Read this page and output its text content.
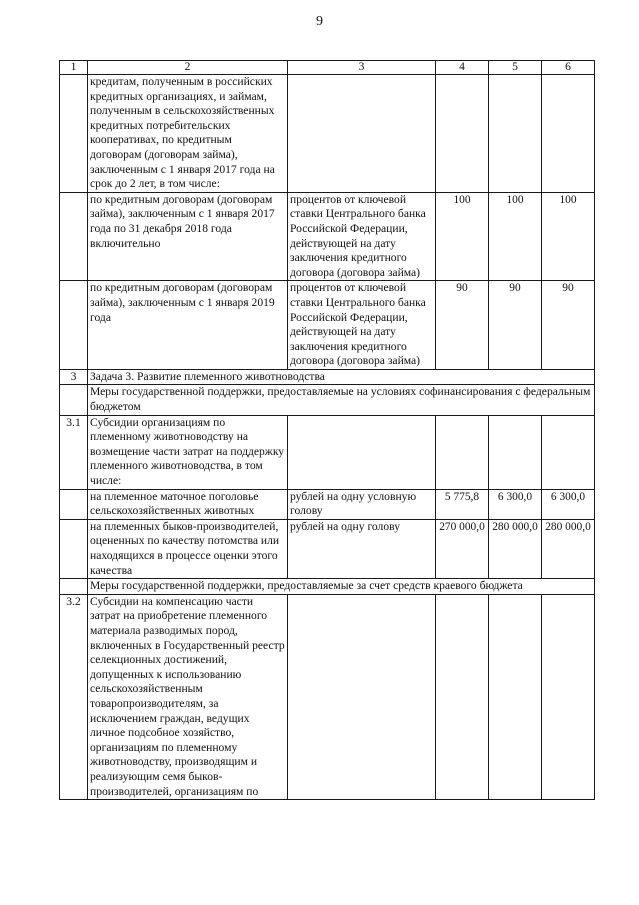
9
1	2	3	4	5	6
	кредитам, полученным в российских кредитных организациях, и займам, полученным в сельскохозяйственных кредитных потребительских кооперативах, по кредитным договорам (договорам займа), заключенным с 1 января 2017 года на срок до 2 лет, в том числе:				
	по кредитным договорам (договорам займа), заключенным с 1 января 2017 года по 31 декабря 2018 года включительно	процентов от ключевой ставки Центрального банка Российской Федерации, действующей на дату заключения кредитного договора (договора займа)	100	100	100
	по кредитным договорам (договорам займа), заключенным с 1 января 2019 года	процентов от ключевой ставки Центрального банка Российской Федерации, действующей на дату заключения кредитного договора (договора займа)	90	90	90
3	Задача 3. Развитие племенного животноводства				
	Меры государственной поддержки, предоставляемые на условиях софинансирования с федеральным бюджетом				
3.1	Субсидии организациям по племенному животноводству на возмещение части затрат на поддержку племенного животноводства, в том числе:				
	на племенное маточное поголовье сельскохозяйственных животных	рублей на одну условную голову	5 775,8	6 300,0	6 300,0
	на племенных быков-производителей, оцененных по качеству потомства или находящихся в процессе оценки этого качества	рублей на одну голову	270 000,0	280 000,0	280 000,0
	Меры государственной поддержки, предоставляемые за счет средств краевого бюджета				
3.2	Субсидии на компенсацию части затрат на приобретение племенного материала разводимых пород, включенных в Государственный реестр селекционных достижений, допущенных к использованию сельскохозяйственным товаропроизводителям, за исключением граждан, ведущих личное подсобное хозяйство, организациям по племенному животноводству, производящим и реализующим семя быков-производителей, организациям по				
